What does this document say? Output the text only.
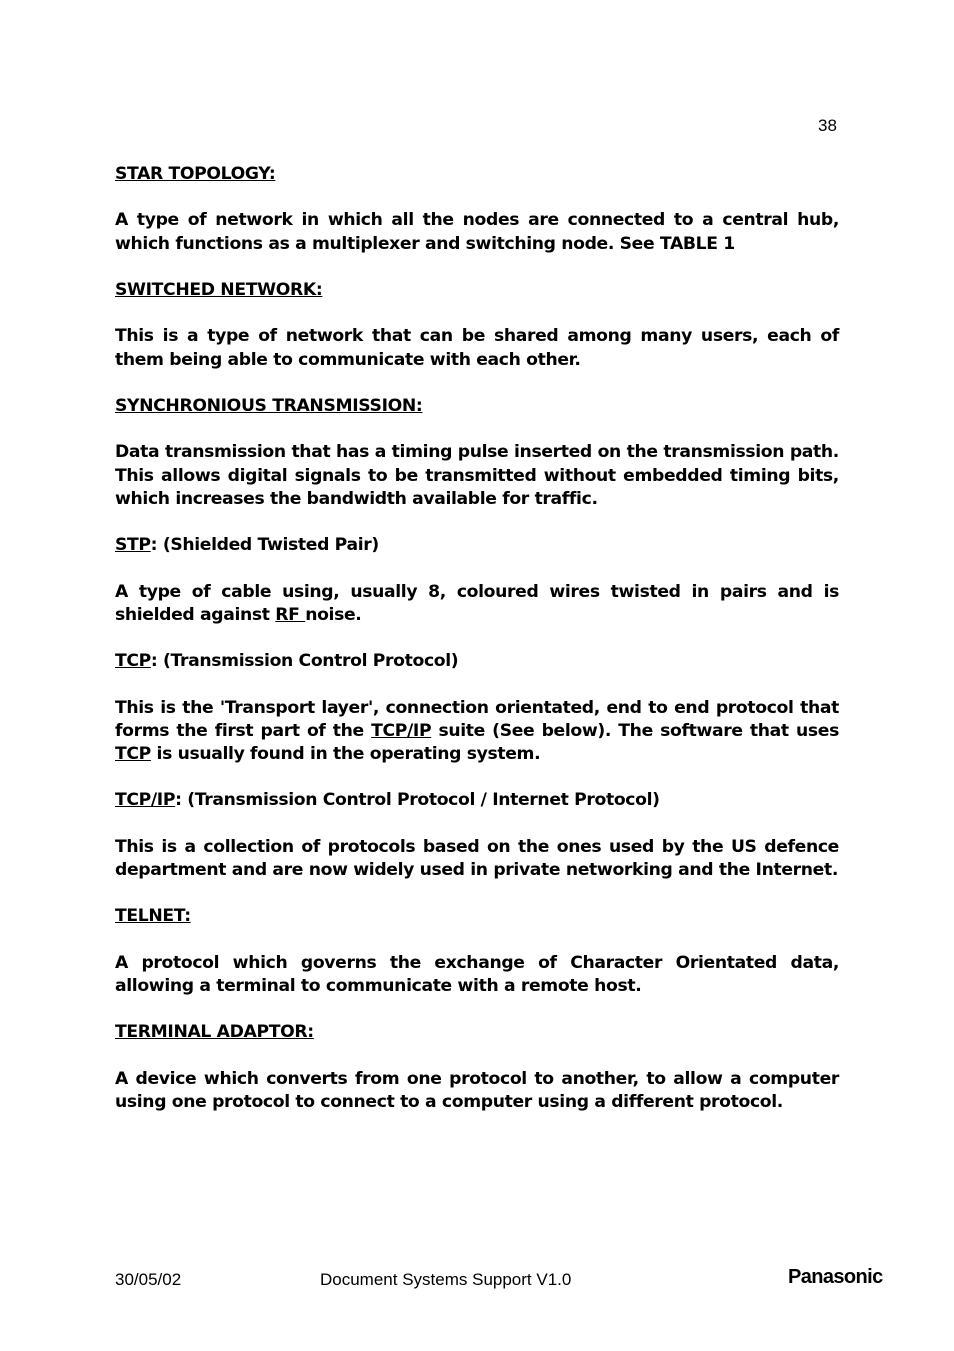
38
STAR TOPOLOGY:
A type of network in which all the nodes are connected to a central hub, which functions as a multiplexer and switching node. See TABLE 1
SWITCHED NETWORK:
This is a type of network that can be shared among many users, each of them being able to communicate with each other.
SYNCHRONIOUS TRANSMISSION:
Data transmission that has a timing pulse inserted on the transmission path. This allows digital signals to be transmitted without embedded timing bits, which increases the bandwidth available for traffic.
STP: (Shielded Twisted Pair)
A type of cable using, usually 8, coloured wires twisted in pairs and is shielded against RF noise.
TCP: (Transmission Control Protocol)
This is the 'Transport layer', connection orientated, end to end protocol that forms the first part of the TCP/IP suite (See below). The software that uses TCP is usually found in the operating system.
TCP/IP: (Transmission Control Protocol / Internet Protocol)
This is a collection of protocols based on the ones used by the US defence department and are now widely used in private networking and the Internet.
TELNET:
A protocol which governs the exchange of Character Orientated data, allowing a terminal to communicate with a remote host.
TERMINAL ADAPTOR:
A device which converts from one protocol to another, to allow a computer using one protocol to connect to a computer using a different protocol.
30/05/02	Document Systems Support V1.0	Panasonic
